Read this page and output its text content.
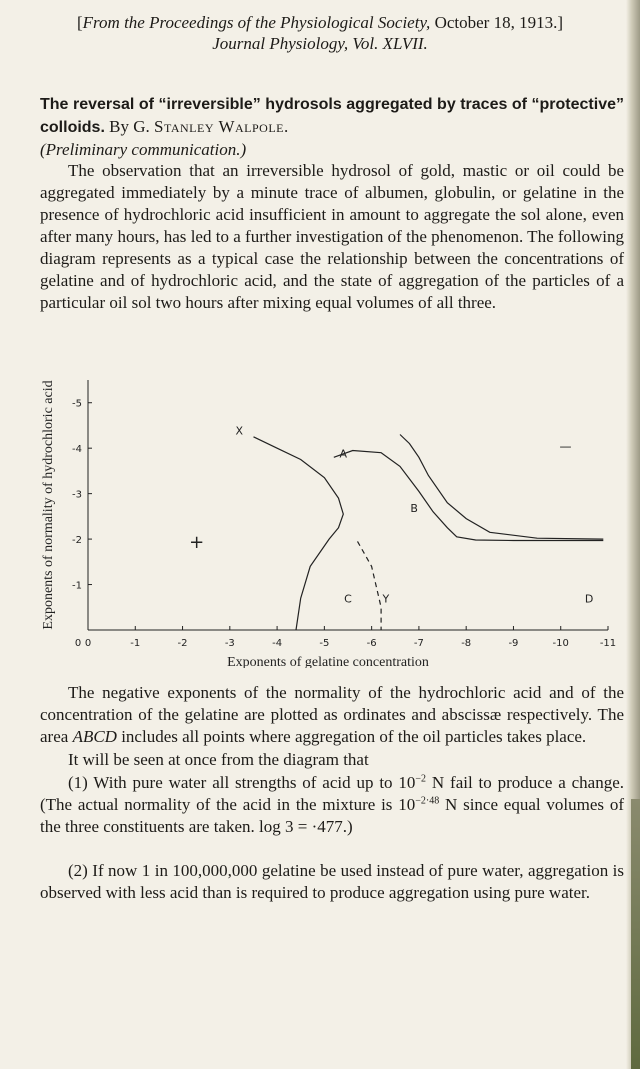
[From the Proceedings of the Physiological Society, October 18, 1913.]
Journal Physiology, Vol. XLVII.
The reversal of “irreversible” hydrosols aggregated by traces of “protective” colloids. By G. Stanley Walpole.
(Preliminary communication.)

The observation that an irreversible hydrosol of gold, mastic or oil could be aggregated immediately by a minute trace of albumen, globulin, or gelatine in the presence of hydrochloric acid insufficient in amount to aggregate the sol alone, even after many hours, has led to a further investigation of the phenomenon. The following diagram represents as a typical case the relationship between the concentrations of gelatine and of hydrochloric acid, and the state of aggregation of the particles of a particular oil sol two hours after mixing equal volumes of all three.

0	-1	-2	-3	-4	-5	-6	-7	-8	-9	-10	-11
-1
-2
-3
-4
-5
0
Exponents of gelatine concentration
Exponents of normality of hydrochloric acid	X
A
B
C	Y	D
+
—

The negative exponents of the normality of the hydrochloric acid and of the concentration of the gelatine are plotted as ordinates and abscissæ respectively. The area ABCD includes all points where aggregation of the oil particles takes place.

It will be seen at once from the diagram that

(1) With pure water all strengths of acid up to $10^{-2}$ N fail to produce a change. (The actual normality of the acid in the mixture is $10^{-2\cdot 48}$ N since equal volumes of the three constituents are taken. log 3 = ·477.)

(2) If now 1 in 100,000,000 gelatine be used instead of pure water, aggregation is observed with less acid than is required to produce aggregation using pure water.
